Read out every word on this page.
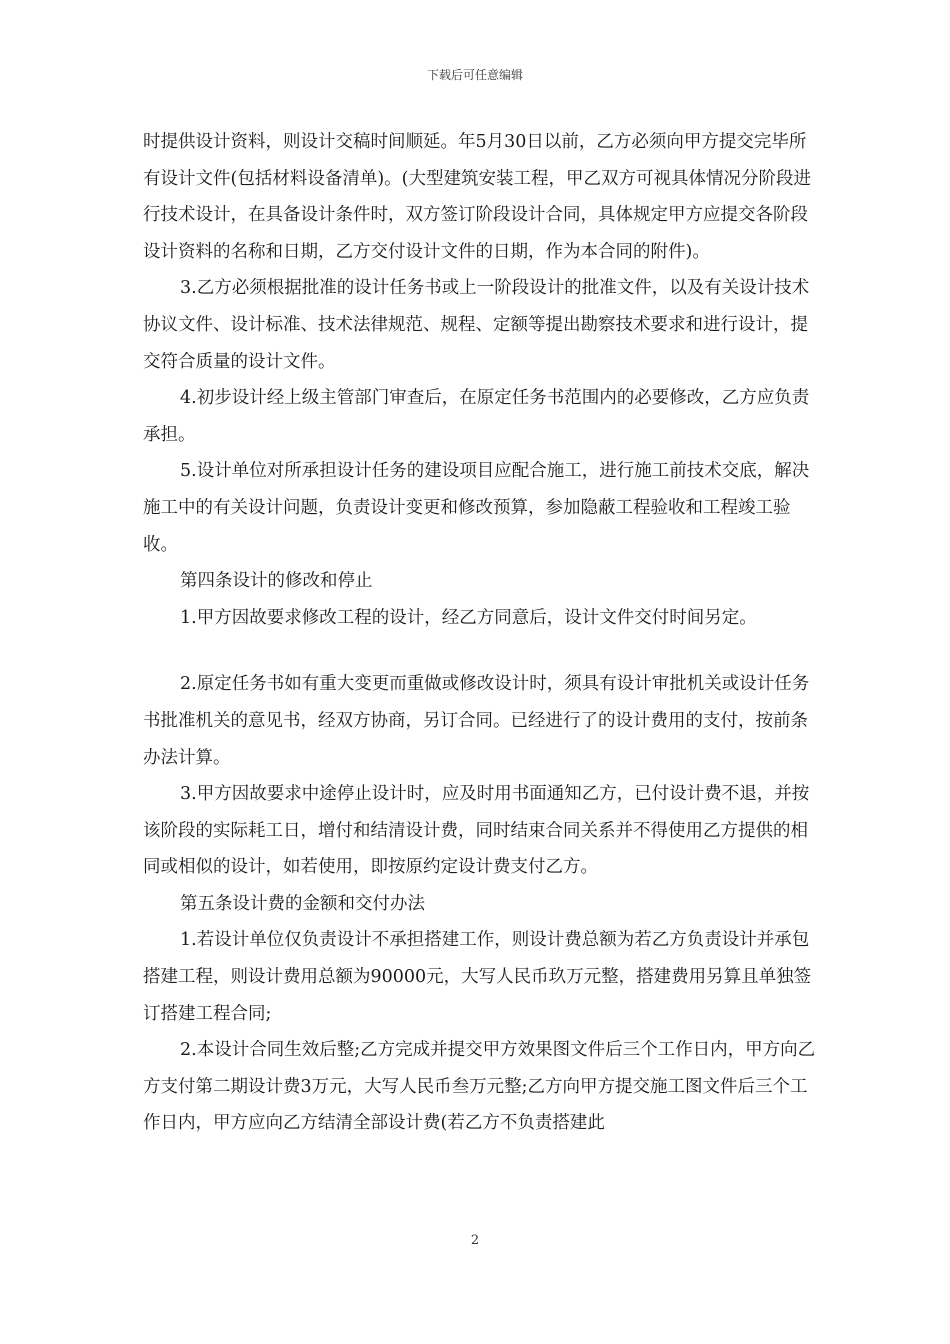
下载后可任意编辑

时提供设计资料，则设计交稿时间顺延。年5月30日以前，乙方必须向甲方提交完毕所有设计文件(包括材料设备清单)。(大型建筑安装工程，甲乙双方可视具体情况分阶段进行技术设计，在具备设计条件时，双方签订阶段设计合同，具体规定甲方应提交各阶段设计资料的名称和日期，乙方交付设计文件的日期，作为本合同的附件)。

3.乙方必须根据批准的设计任务书或上一阶段设计的批准文件，以及有关设计技术协议文件、设计标准、技术法律规范、规程、定额等提出勘察技术要求和进行设计，提交符合质量的设计文件。

4.初步设计经上级主管部门审查后，在原定任务书范围内的必要修改，乙方应负责承担。

5.设计单位对所承担设计任务的建设项目应配合施工，进行施工前技术交底，解决施工中的有关设计问题，负责设计变更和修改预算，参加隐蔽工程验收和工程竣工验收。

第四条设计的修改和停止

1.甲方因故要求修改工程的设计，经乙方同意后，设计文件交付时间另定。

2.原定任务书如有重大变更而重做或修改设计时，须具有设计审批机关或设计任务书批准机关的意见书，经双方协商，另订合同。已经进行了的设计费用的支付，按前条办法计算。

3.甲方因故要求中途停止设计时，应及时用书面通知乙方，已付设计费不退，并按该阶段的实际耗工日，增付和结清设计费，同时结束合同关系并不得使用乙方提供的相同或相似的设计，如若使用，即按原约定设计费支付乙方。

第五条设计费的金额和交付办法

1.若设计单位仅负责设计不承担搭建工作，则设计费总额为若乙方负责设计并承包搭建工程，则设计费用总额为90000元，大写人民币玖万元整，搭建费用另算且单独签订搭建工程合同;

2.本设计合同生效后整;乙方完成并提交甲方效果图文件后三个工作日内，甲方向乙方支付第二期设计费3万元，大写人民币叁万元整;乙方向甲方提交施工图文件后三个工作日内，甲方应向乙方结清全部设计费(若乙方不负责搭建此

2
